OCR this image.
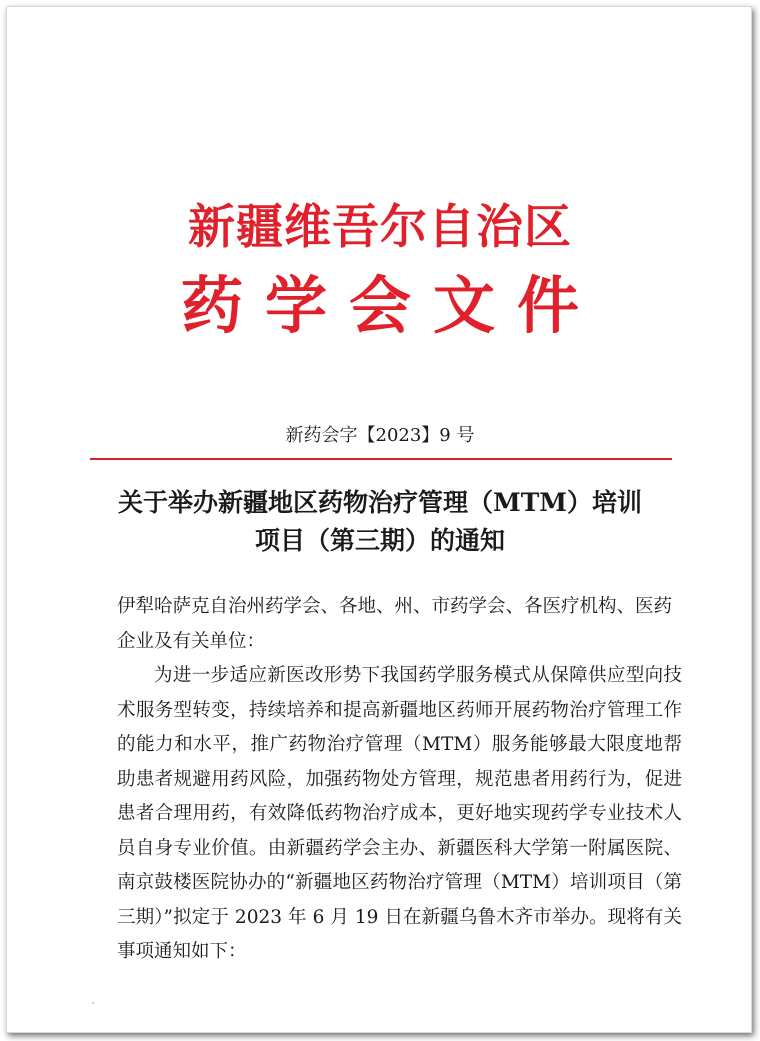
新疆维吾尔自治区
药学会文件
新药会字【2023】9 号
关于举办新疆地区药物治疗管理（MTM）培训
项目（第三期）的通知

伊犁哈萨克自治州药学会、各地、州、市药学会、各医疗机构、医药企业及有关单位：

为进一步适应新医改形势下我国药学服务模式从保障供应型向技术服务型转变，持续培养和提高新疆地区药师开展药物治疗管理工作的能力和水平，推广药物治疗管理（MTM）服务能够最大限度地帮助患者规避用药风险，加强药物处方管理，规范患者用药行为，促进患者合理用药，有效降低药物治疗成本，更好地实现药学专业技术人员自身专业价值。由新疆药学会主办、新疆医科大学第一附属医院、南京鼓楼医院协办的“新疆地区药物治疗管理（MTM）培训项目（第三期）”拟定于 2023 年 6 月 19 日在新疆乌鲁木齐市举办。现将有关事项通知如下：
